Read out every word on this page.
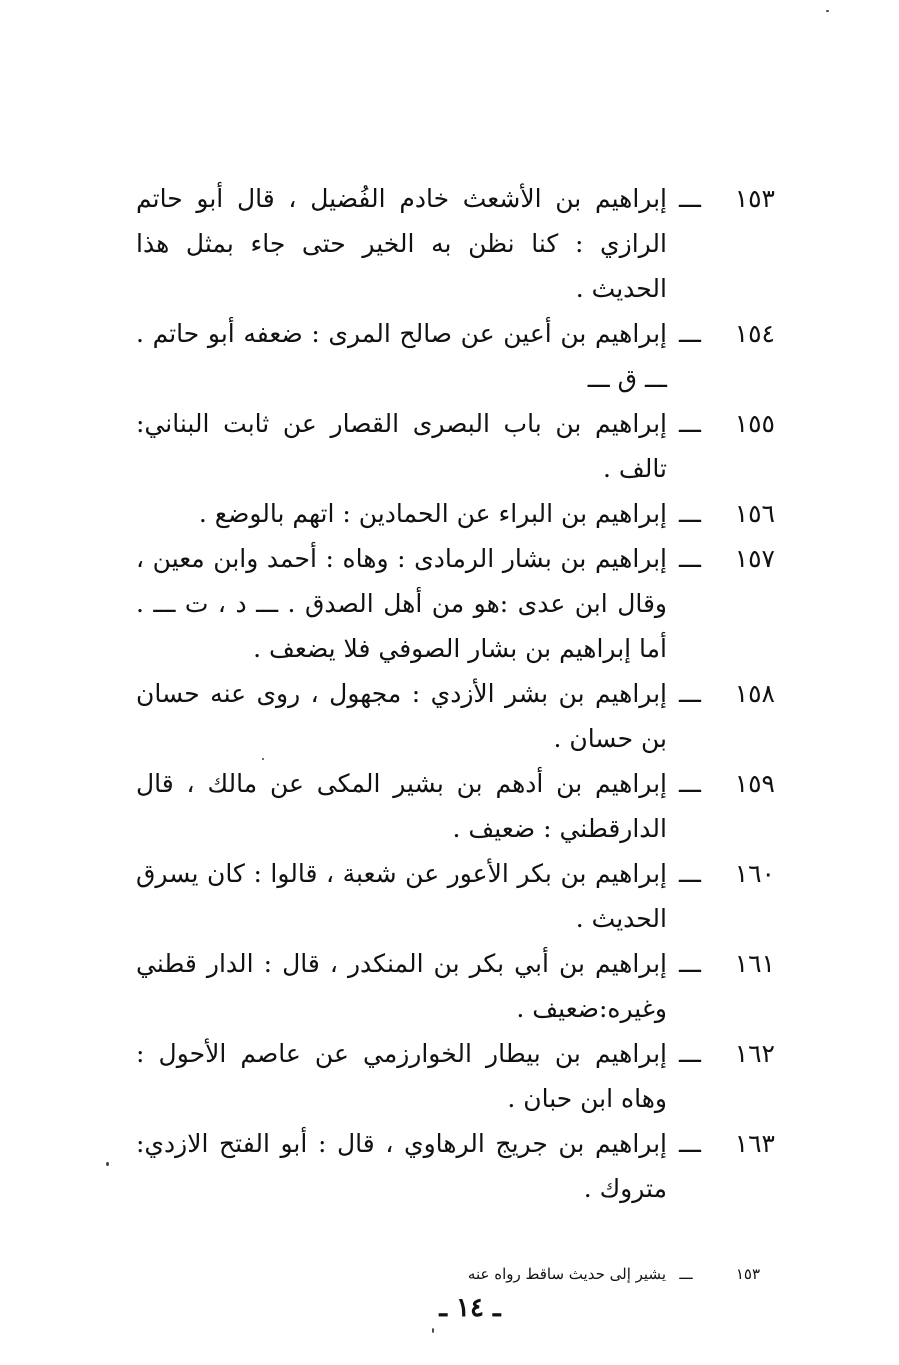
١٥٣
ـــ
إبراهيم بن الأشعث خادم الفُضيل ، قال أبو حاتم الرازي : كنا نظن به الخير حتى جاء بمثل هذا الحديث .
١٥٤
ـــ
إبراهيم بن أعين عن صالح المرى : ضعفه أبو حاتم . ـــ ق ـــ
١٥٥
ـــ
إبراهيم بن باب البصرى القصار عن ثابت البناني: تالف .
١٥٦
ـــ
إبراهيم بن البراء عن الحمادين : اتهم بالوضع .
١٥٧
ـــ
إبراهيم بن بشار الرمادى : وهاه : أحمد وابن معين ، وقال ابن عدى :هو من أهل الصدق . ـــ د ، ت ـــ . أما إبراهيم بن بشار الصوفي فلا يضعف .
١٥٨
ـــ
إبراهيم بن بشر الأزدي : مجهول ، روى عنه حسان بن حسان .
١٥٩
ـــ
إبراهيم بن أدهم بن بشير المكى عن مالك ، قال الدارقطني : ضعيف .
١٦٠
ـــ
إبراهيم بن بكر الأعور عن شعبة ، قالوا : كان يسرق الحديث .
١٦١
ـــ
إبراهيم بن أبي بكر بن المنكدر ، قال : الدار قطني وغيره:ضعيف .
١٦٢
ـــ
إبراهيم بن بيطار الخوارزمي عن عاصم الأحول : وهاه ابن حبان .
١٦٣
ـــ
إبراهيم بن جريج الرهاوي ، قال : أبو الفتح الازدي: متروك .
١٥٣
ـــ
يشير إلى حديث ساقط رواه عنه
ـ ١٤ ـ
